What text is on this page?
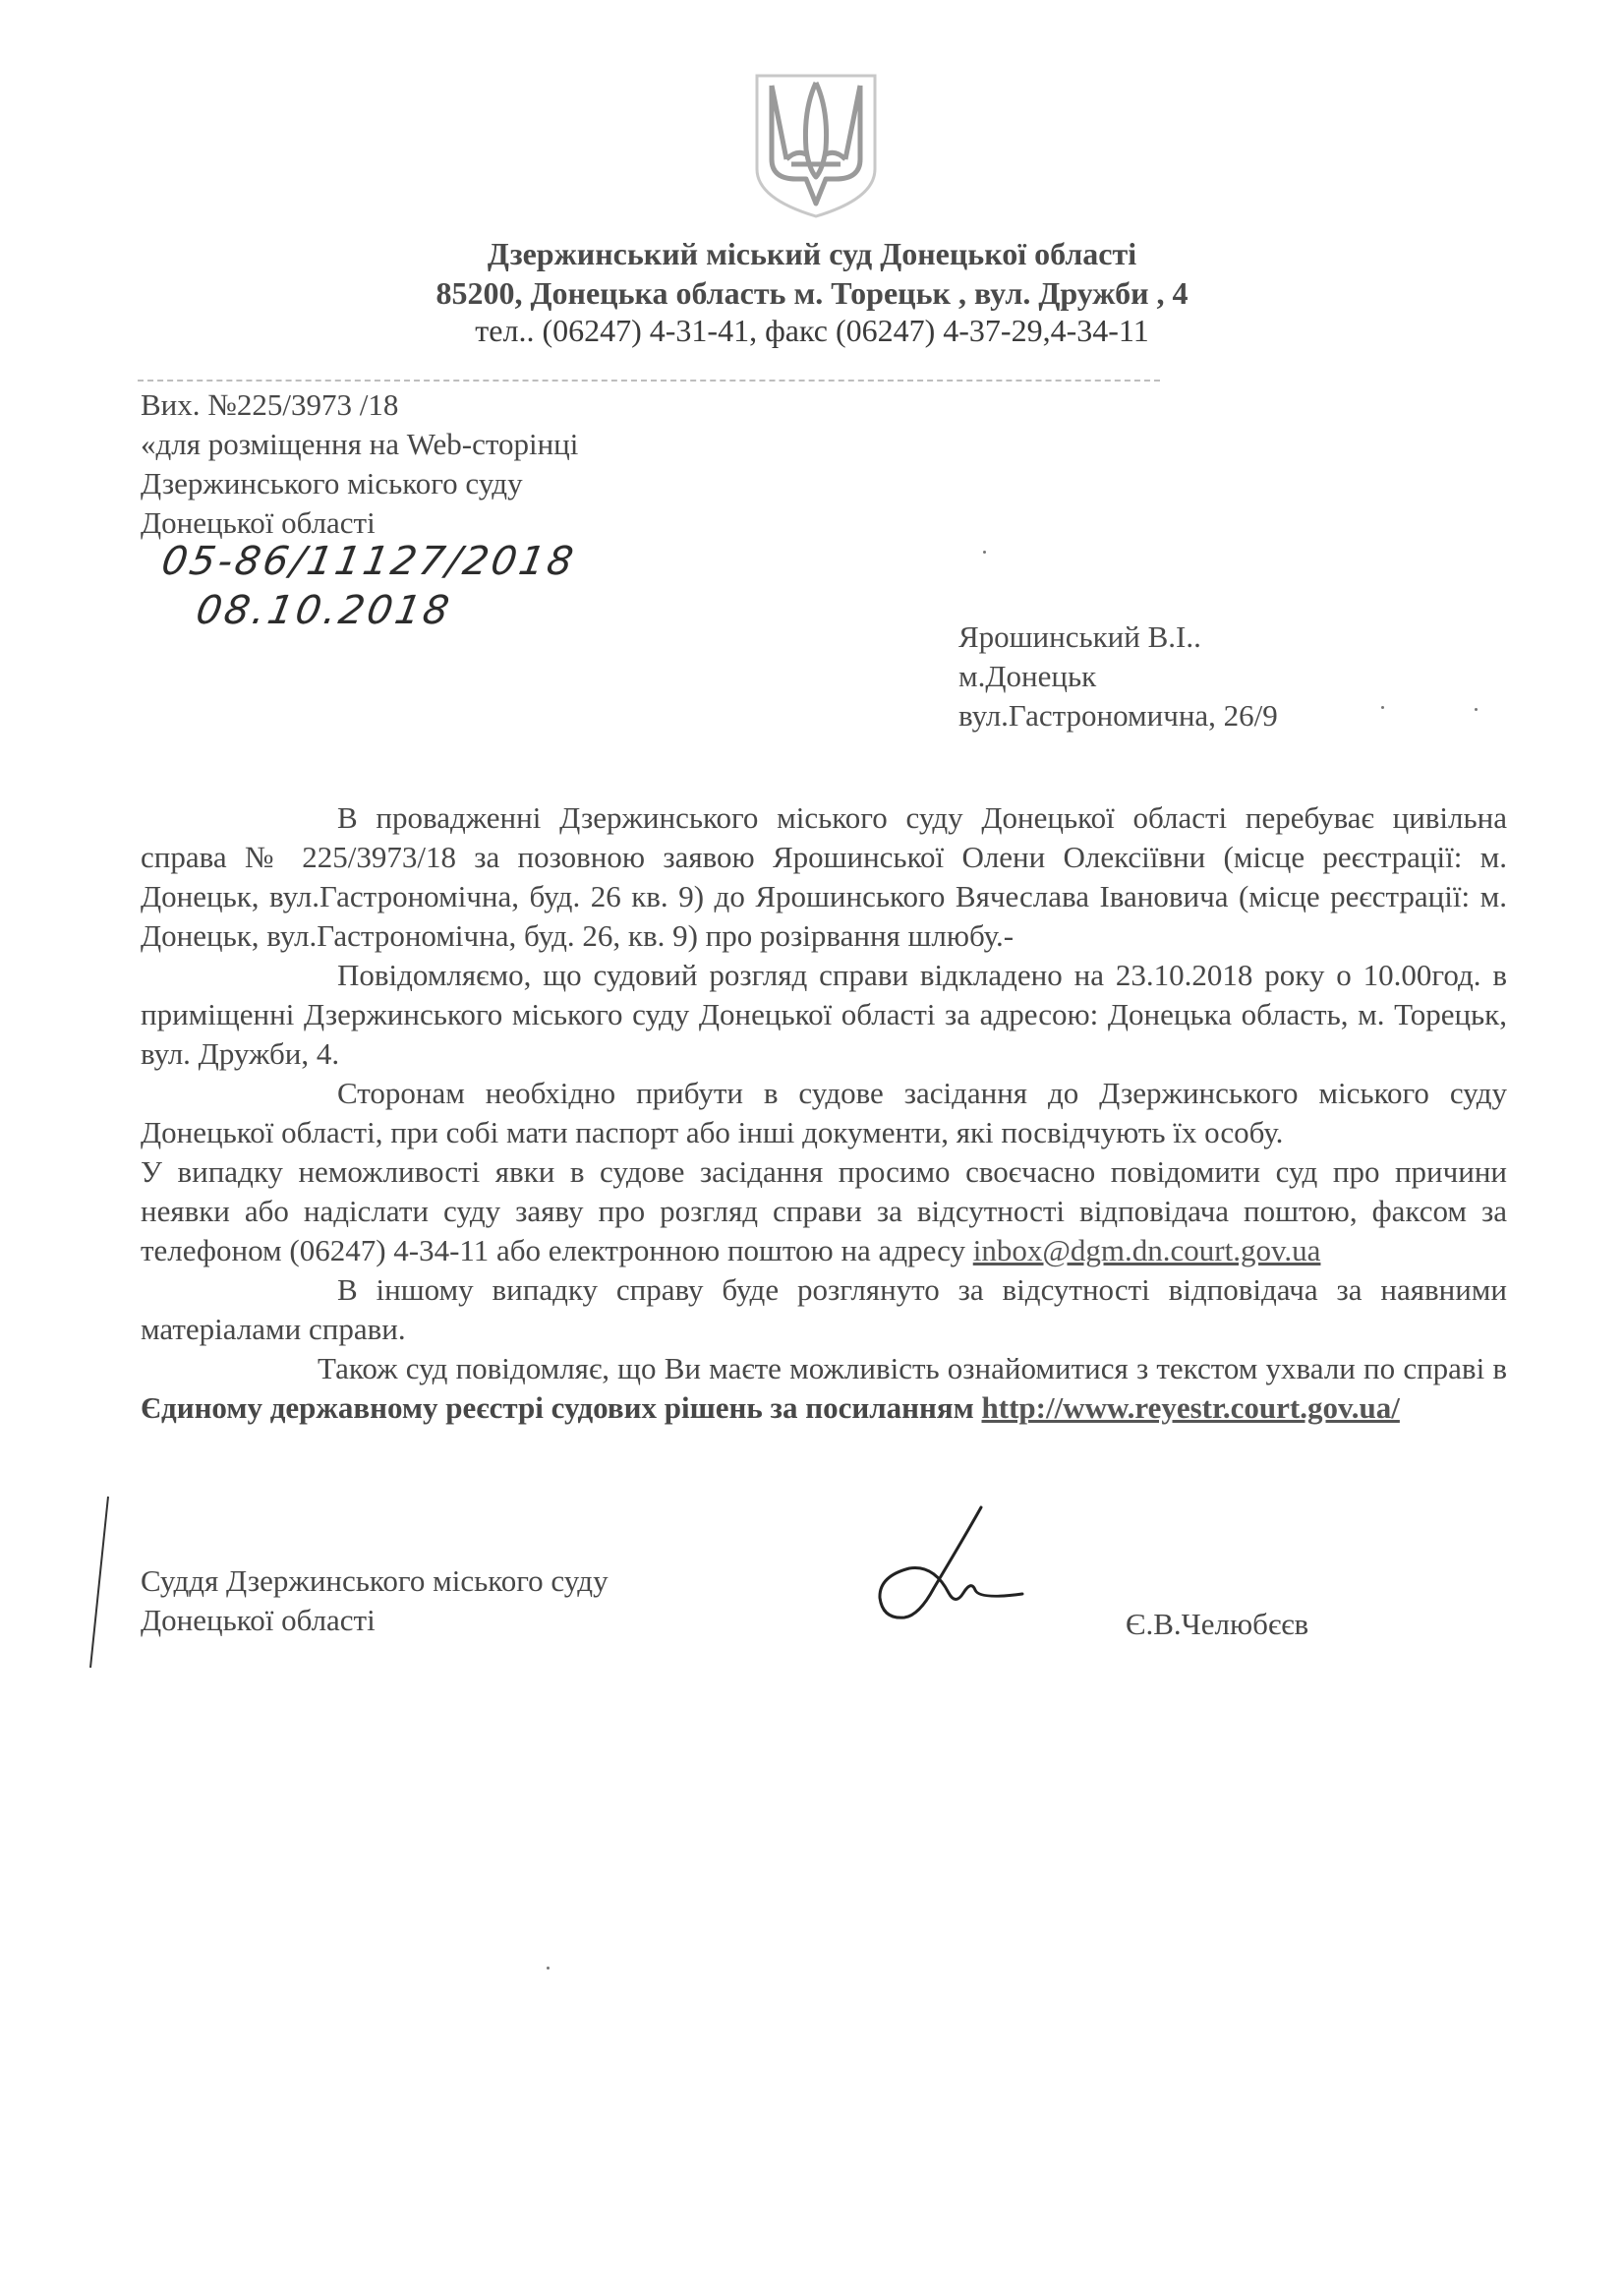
Дзержинський міський суд Донецької області
85200, Донецька область м. Торецьк , вул. Дружби , 4
тел.. (06247) 4-31-41, факс (06247) 4-37-29,4-34-11
Вих. №225/3973 /18
«для розміщення на Web-сторінці
Дзержинського міського суду
Донецької області
05-86/11127/2018
08.10.2018
Ярошинський В.І..
м.Донецьк
вул.Гастрономична, 26/9

В провадженні Дзержинського міського суду Донецької області перебуває цивільна справа № 225/3973/18 за позовною заявою Ярошинської Олени Олексіївни (місце реєстрації: м. Донецьк, вул.Гастрономічна, буд. 26 кв. 9) до Ярошинського Вячеслава Івановича (місце реєстрації: м. Донецьк, вул.Гастрономічна, буд. 26, кв. 9) про розірвання шлюбу.-

Повідомляємо, що судовий розгляд справи відкладено на 23.10.2018 року о 10.00год. в приміщенні Дзержинського міського суду Донецької області за адресою: Донецька область, м. Торецьк, вул. Дружби, 4.

Сторонам необхідно прибути в судове засідання до Дзержинського міського суду Донецької області, при собі мати паспорт або інші документи, які посвідчують їх особу.

У випадку неможливості явки в судове засідання просимо своєчасно повідомити суд про причини неявки або надіслати суду заяву про розгляд справи за відсутності відповідача поштою, факсом за телефоном (06247) 4-34-11 або електронною поштою на адресу inbox@dgm.dn.court.gov.ua

В іншому випадку справу буде розглянуто за відсутності відповідача за наявними матеріалами справи.

Також суд повідомляє, що Ви маєте можливість ознайомитися з текстом ухвали по справі в Єдиному державному реєстрі судових рішень за посиланням http://www.reyestr.court.gov.ua/

Суддя Дзержинського міського суду
Донецької області	Є.В.Челюбєєв
